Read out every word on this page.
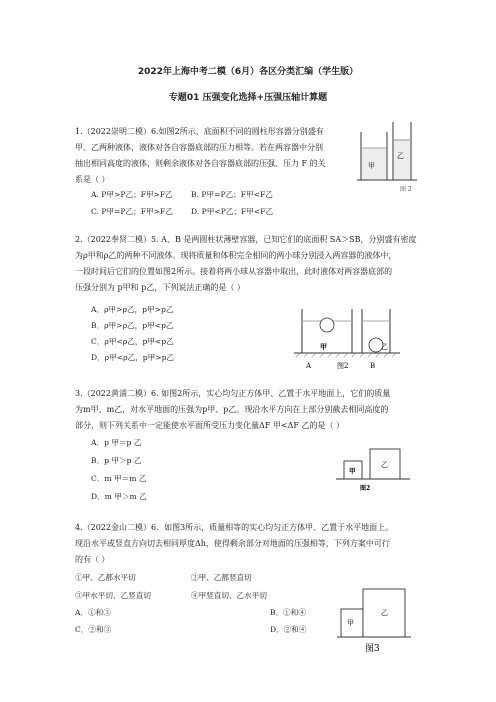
2022年上海中考二模（6月）各区分类汇编（学生版）
专题01 压强变化选择+压强压轴计算题
1.（2022崇明二模）6.如图2所示，底面积不同的圆柱形容器分别盛有
甲、乙两种液体，液体对各自容器底部的压力相等。若在两容器中分别
抽出相同高度的液体，则剩余液体对各自容器底部的压强、压力 F 的关
系是（ ）
A. P甲>P乙；F甲>F乙 B. P甲=P乙；F甲<F乙
C. P甲=P乙；F甲>F乙 D. P甲<P乙；F甲<F乙
甲
乙
图 2
2.（2022奉贤二模）5. A、B 是两圆柱状薄壁容器，已知它们的底面积 SA＞SB，分别盛有密度
为ρ甲和ρ乙的两种不同液体。现将质量和体积完全相同的两小球分别浸入两容器的液体中，
一段时间后它们的位置如图2所示。接着将两小球从容器中取出，此时液体对两容器底部的
压强分别为 p甲和 p乙，下列说法正确的是（ ）
A．ρ甲>ρ乙，p甲>p乙
B．ρ甲>ρ乙，p甲<p乙
C．ρ甲<ρ乙，p甲<p乙
D．ρ甲<ρ乙，p甲>p乙
甲	乙
A	B
图2
3.（2022黄浦二模）6. 如图2所示，实心均匀正方体甲、乙置于水平地面上，它们的质量
为m甲、m乙，对水平地面的压强为p甲、p乙。现沿水平方向在上部分别截去相同高度的
部分，则下列关系中一定能使水平面所受压力变化量ΔF 甲<ΔF 乙的是（ ）
A．p 甲＝p 乙
B．p 甲＞p 乙
C．m 甲＝m 乙
D．m 甲＞m 乙
甲
乙
图2
4.（2022金山二模）6．如图3所示，质量相等的实心均匀正方体甲、乙置于水平地面上。
现沿水平或竖直方向切去相同厚度Δh，使得剩余部分对地面的压强相等，下列方案中可行
的有（ ）
①甲、乙都水平切	②甲、乙都竖直切
③甲水平切、乙竖直切	④甲竖直切、乙水平切
A．①和③	B．①和④
C．②和③	D．②和④
甲
乙
图3
